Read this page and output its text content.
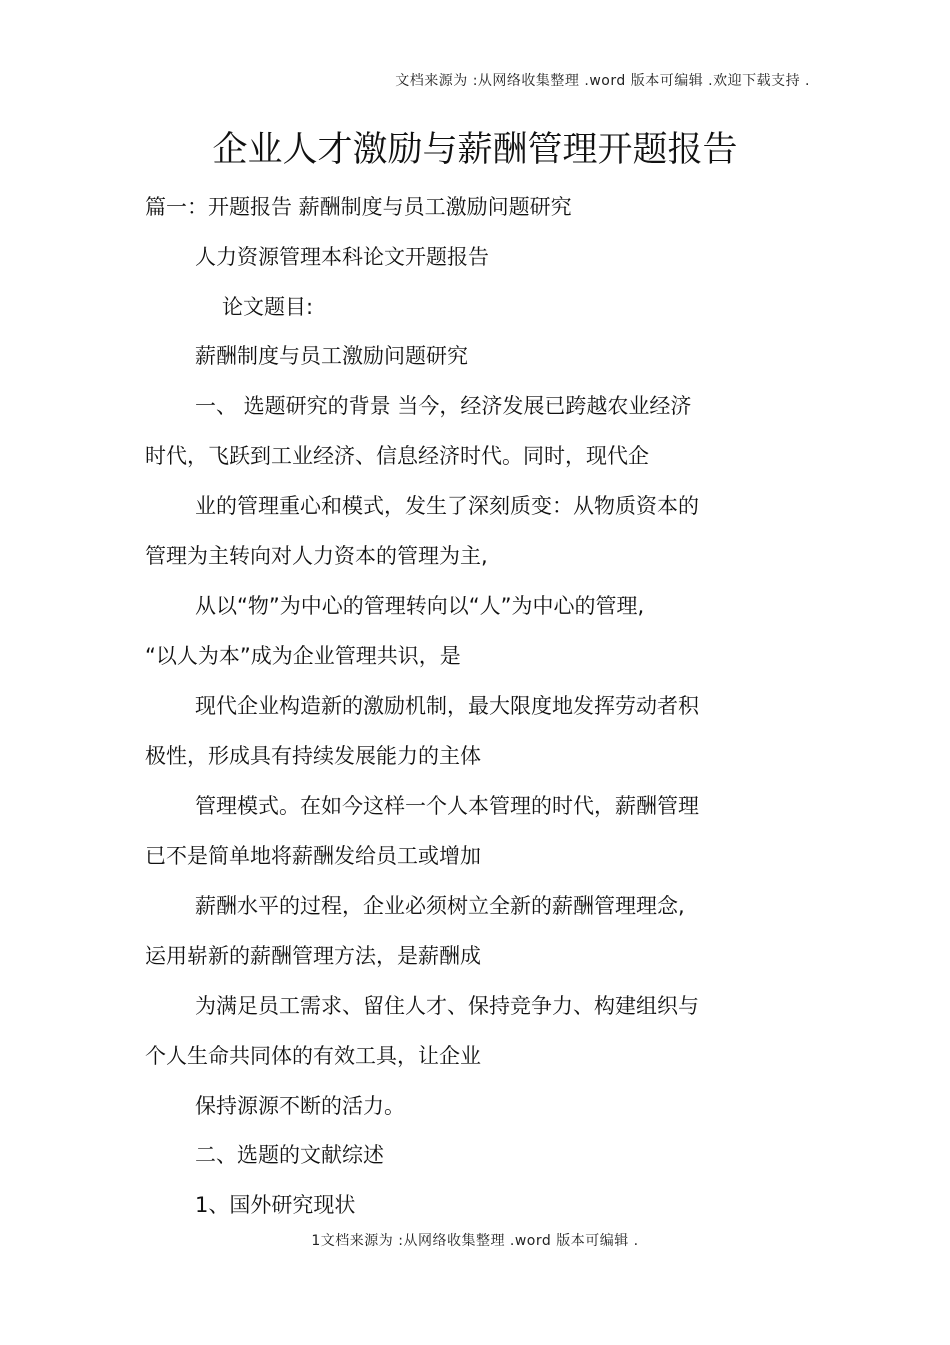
文档来源为 :从网络收集整理 .word 版本可编辑 .欢迎下载支持 .
企业人才激励与薪酬管理开题报告
篇一：开题报告 薪酬制度与员工激励问题研究
人力资源管理本科论文开题报告
论文题目:
薪酬制度与员工激励问题研究
一、 选题研究的背景 当今，经济发展已跨越农业经济
时代，飞跃到工业经济、信息经济时代。同时，现代企
业的管理重心和模式，发生了深刻质变：从物质资本的
管理为主转向对人力资本的管理为主,
从以“物”为中心的管理转向以“人”为中心的管理,
“以人为本”成为企业管理共识，是
现代企业构造新的激励机制，最大限度地发挥劳动者积
极性，形成具有持续发展能力的主体
管理模式。在如今这样一个人本管理的时代，薪酬管理
已不是简单地将薪酬发给员工或增加
薪酬水平的过程，企业必须树立全新的薪酬管理理念,
运用崭新的薪酬管理方法，是薪酬成
为满足员工需求、留住人才、保持竞争力、构建组织与
个人生命共同体的有效工具，让企业
保持源源不断的活力。
二、选题的文献综述
1、国外研究现状
1文档来源为 :从网络收集整理 .word 版本可编辑 .
